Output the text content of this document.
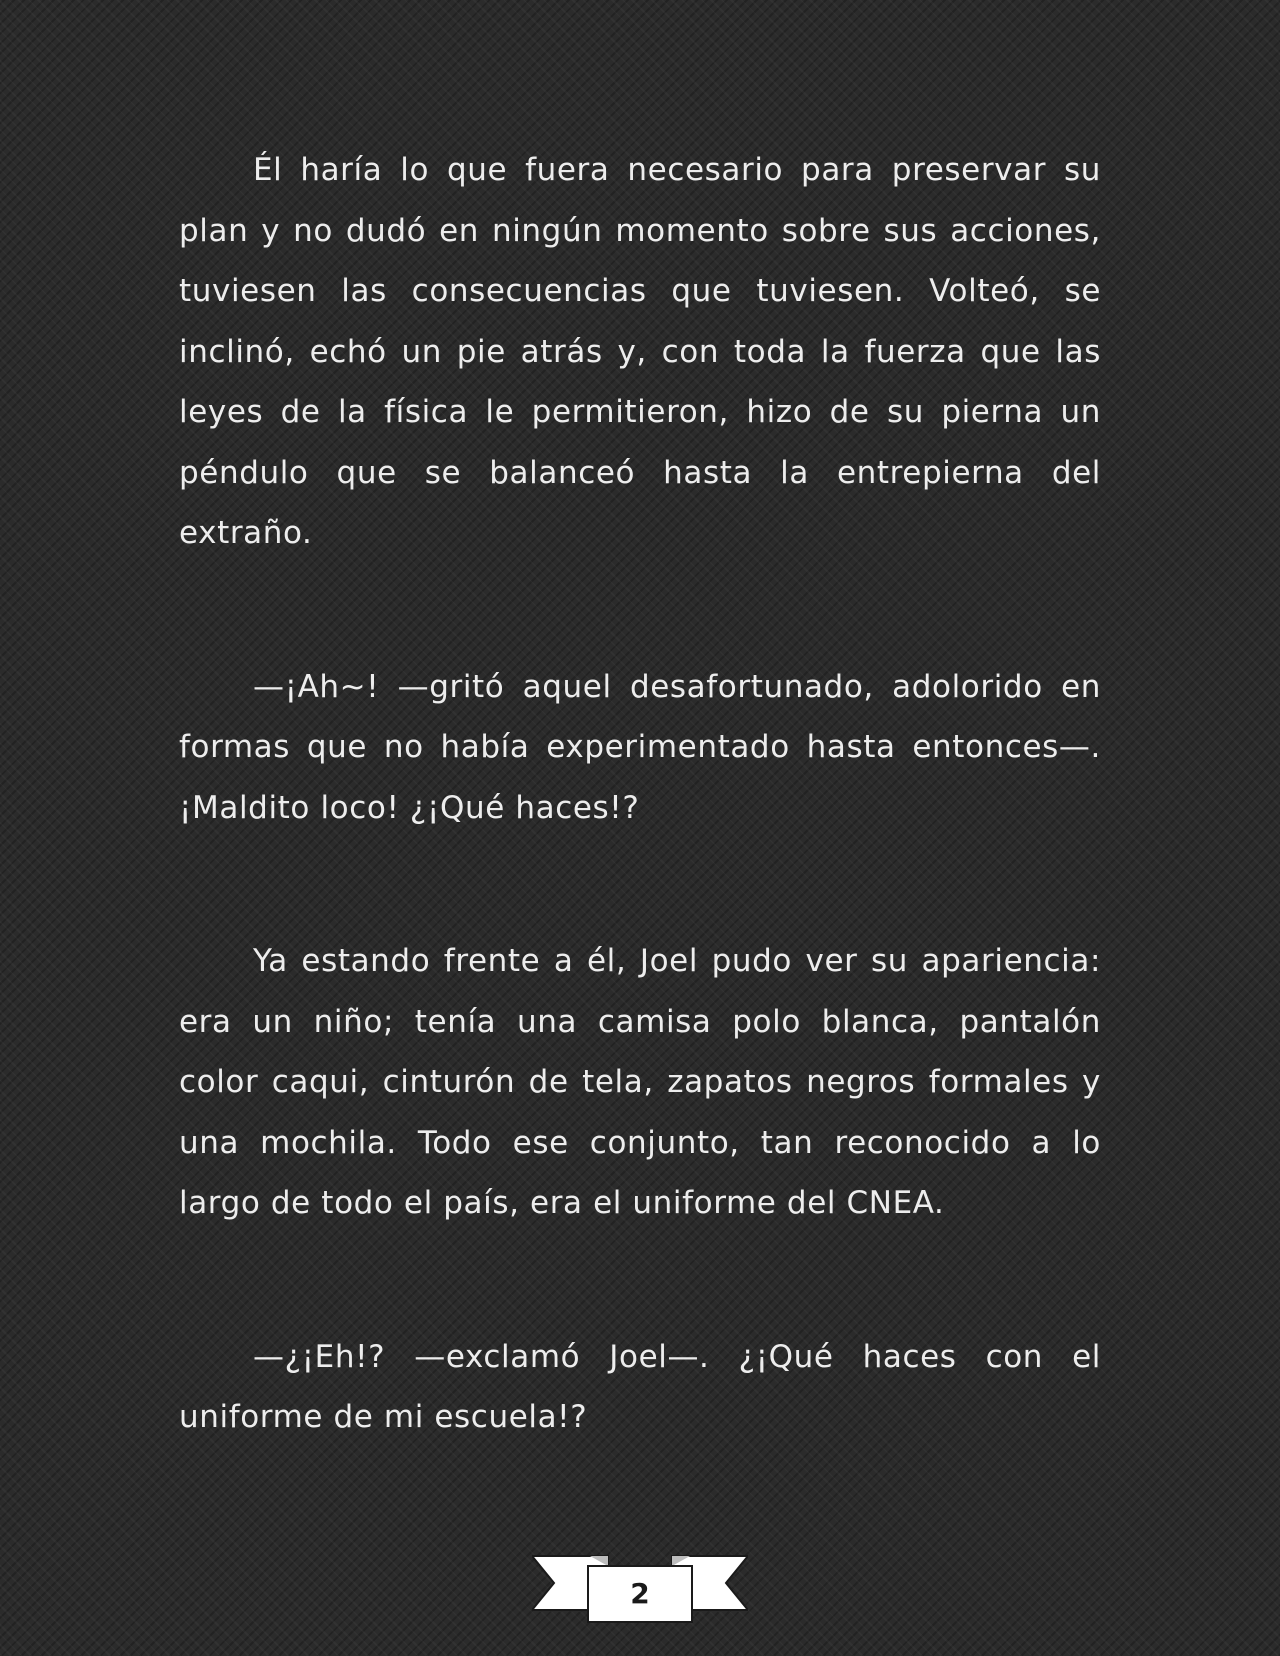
Él haría lo que fuera necesario para preservar su plan y no dudó en ningún momento sobre sus acciones, tuviesen las consecuencias que tuviesen. Volteó, se inclinó, echó un pie atrás y, con toda la fuerza que las leyes de la física le permitieron, hizo de su pierna un péndulo que se balanceó hasta la entrepierna del extraño.

—¡Ah~! —gritó aquel desafortunado, adolorido en formas que no había experimentado hasta entonces—. ¡Maldito loco! ¿¡Qué haces!?

Ya estando frente a él, Joel pudo ver su apariencia: era un niño; tenía una camisa polo blanca, pantalón color caqui, cinturón de tela, zapatos negros formales y una mochila. Todo ese conjunto, tan reconocido a lo largo de todo el país, era el uniforme del CNEA.

—¿¡Eh!? —exclamó Joel—. ¿¡Qué haces con el uniforme de mi escuela!?

2
